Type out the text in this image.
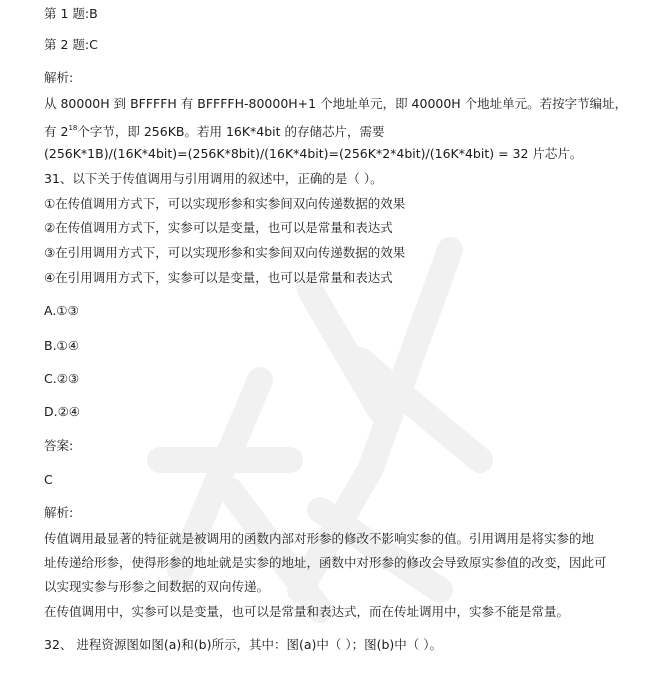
第 1 题:B
第 2 题:C
解析:
从 80000H 到 BFFFFH 有 BFFFFH-80000H+1 个地址单元，即 40000H 个地址单元。若按字节编址，
有 $2^{18}$个字节，即 256KB。若用 16K*4bit 的存储芯片，需要
(256K*1B)/(16K*4bit)=(256K*8bit)/(16K*4bit)=(256K*2*4bit)/(16K*4bit) = 32 片芯片。
31、以下关于传值调用与引用调用的叙述中，正确的是（ ）。
①在传值调用方式下，可以实现形参和实参间双向传递数据的效果
②在传值调用方式下，实参可以是变量，也可以是常量和表达式
③在引用调用方式下，可以实现形参和实参间双向传递数据的效果
④在引用调用方式下，实参可以是变量，也可以是常量和表达式
A.①③
B.①④
C.②③
D.②④
答案:
C
解析:
传值调用最显著的特征就是被调用的函数内部对形参的修改不影响实参的值。引用调用是将实参的地
址传递给形参，使得形参的地址就是实参的地址，函数中对形参的修改会导致原实参值的改变，因此可
以实现实参与形参之间数据的双向传递。
在传值调用中，实参可以是变量，也可以是常量和表达式，而在传址调用中，实参不能是常量。
32、 进程资源图如图(a)和(b)所示，其中：图(a)中（ ）；图(b)中（ ）。
